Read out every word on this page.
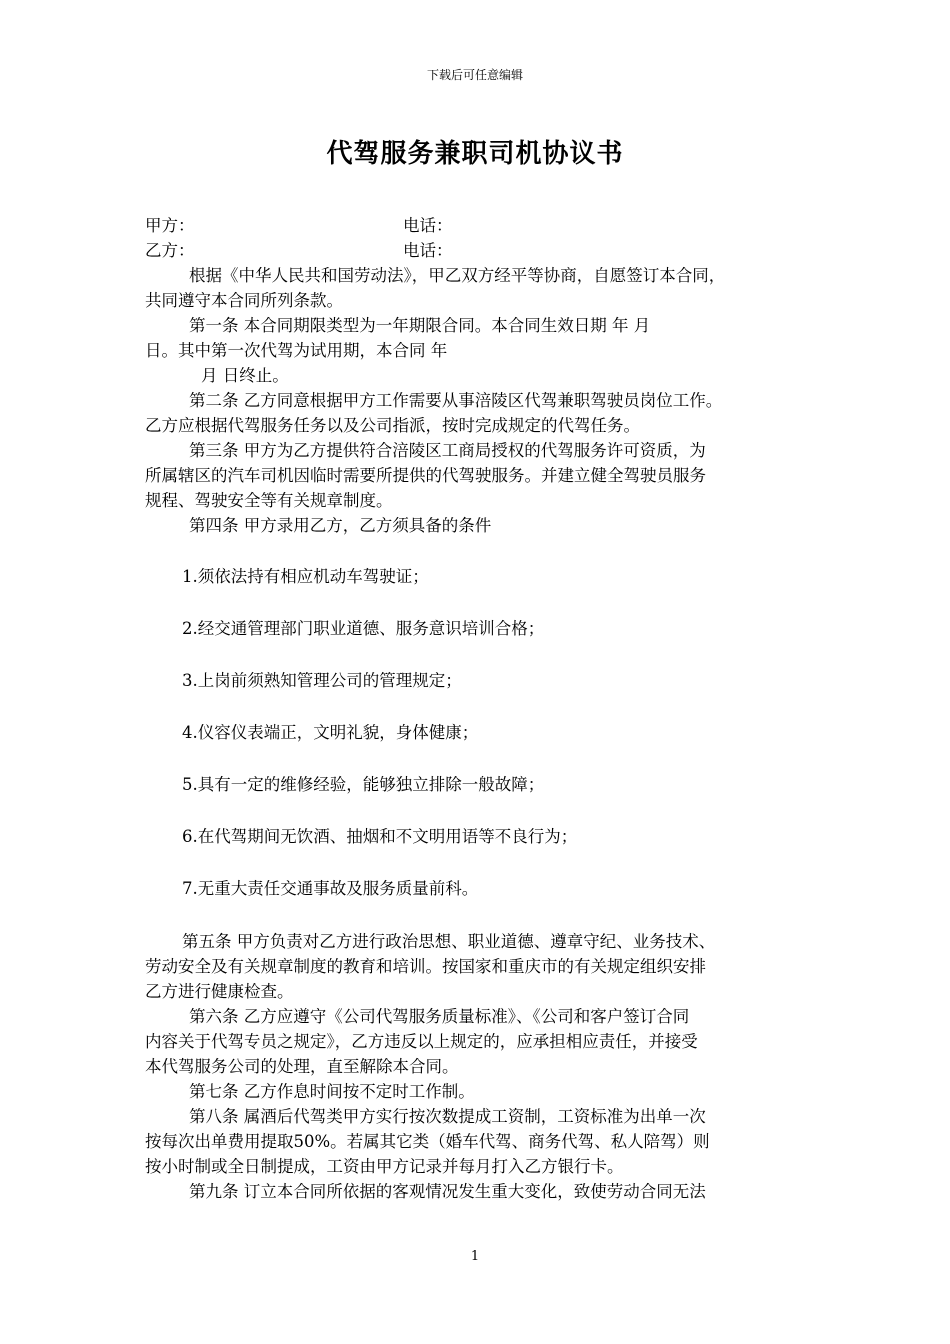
下载后可任意编辑
代驾服务兼职司机协议书
甲方：	电话：
乙方：	电话：
根据《中华人民共和国劳动法》，甲乙双方经平等协商，自愿签订本合同，
共同遵守本合同所列条款。
第一条 本合同期限类型为一年期限合同。本合同生效日期 年 月
日。其中第一次代驾为试用期，本合同 年
月 日终止。
第二条 乙方同意根据甲方工作需要从事涪陵区代驾兼职驾驶员岗位工作。
乙方应根据代驾服务任务以及公司指派，按时完成规定的代驾任务。
第三条 甲方为乙方提供符合涪陵区工商局授权的代驾服务许可资质，为
所属辖区的汽车司机因临时需要所提供的代驾驶服务。并建立健全驾驶员服务
规程、驾驶安全等有关规章制度。
第四条 甲方录用乙方，乙方须具备的条件
1.须依法持有相应机动车驾驶证；
2.经交通管理部门职业道德、服务意识培训合格；
3.上岗前须熟知管理公司的管理规定；
4.仪容仪表端正，文明礼貌，身体健康；
5.具有一定的维修经验，能够独立排除一般故障；
6.在代驾期间无饮酒、抽烟和不文明用语等不良行为；
7.无重大责任交通事故及服务质量前科。
第五条 甲方负责对乙方进行政治思想、职业道德、遵章守纪、业务技术、
劳动安全及有关规章制度的教育和培训。按国家和重庆市的有关规定组织安排
乙方进行健康检查。
第六条 乙方应遵守《公司代驾服务质量标准》、《公司和客户签订合同
内容关于代驾专员之规定》，乙方违反以上规定的，应承担相应责任，并接受
本代驾服务公司的处理，直至解除本合同。
第七条 乙方作息时间按不定时工作制。
第八条 属酒后代驾类甲方实行按次数提成工资制，工资标准为出单一次
按每次出单费用提取50%。若属其它类（婚车代驾、商务代驾、私人陪驾）则
按小时制或全日制提成，工资由甲方记录并每月打入乙方银行卡。
第九条 订立本合同所依据的客观情况发生重大变化，致使劳动合同无法
1
